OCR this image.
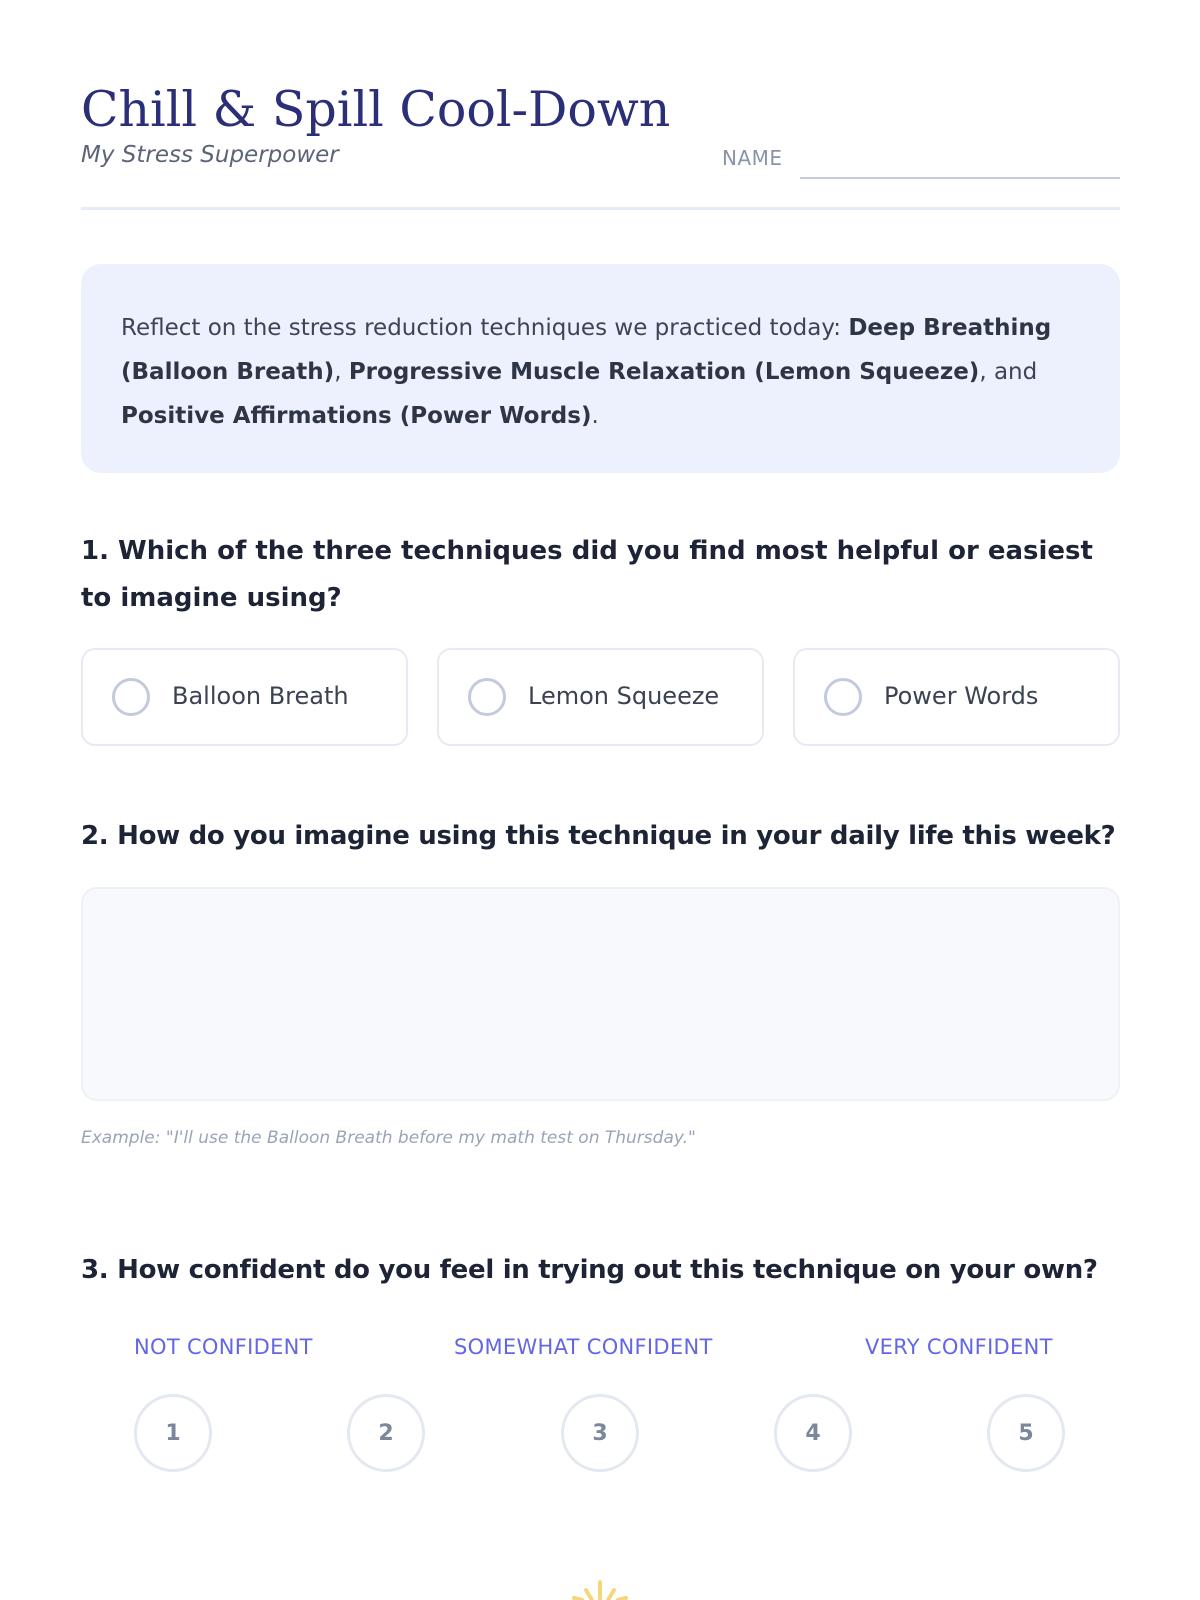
Chill & Spill Cool-Down
My Stress Superpower	NAME
Reflect on the stress reduction techniques we practiced today: Deep Breathing (Balloon Breath), Progressive Muscle Relaxation (Lemon Squeeze), and Positive Affirmations (Power Words).
1. Which of the three techniques did you find most helpful or easiest to imagine using?
Balloon Breath	Lemon Squeeze	Power Words
2. How do you imagine using this technique in your daily life this week?
Example: "I'll use the Balloon Breath before my math test on Thursday."
3. How confident do you feel in trying out this technique on your own?
NOT CONFIDENT	SOMEWHAT CONFIDENT	VERY CONFIDENT
1	2	3	4	5
